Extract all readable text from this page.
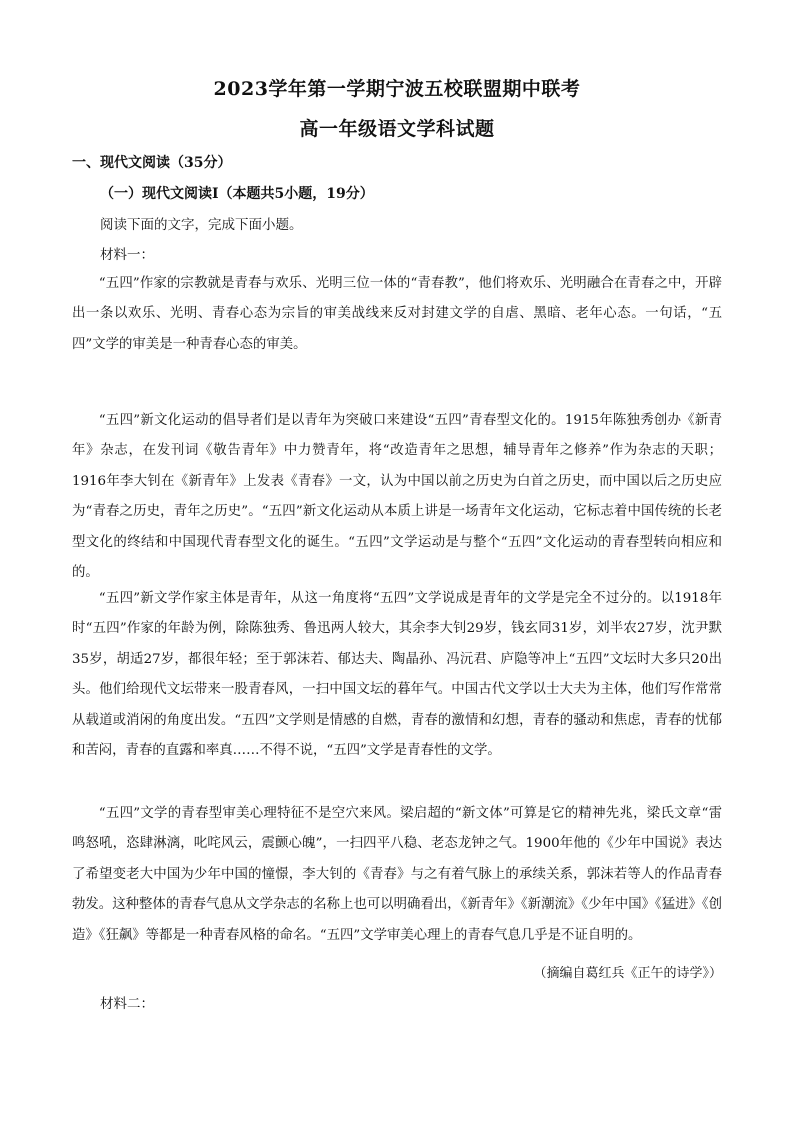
2023学年第一学期宁波五校联盟期中联考
高一年级语文学科试题
一、现代文阅读（35分）
（一）现代文阅读Ⅰ（本题共5小题，19分）
阅读下面的文字，完成下面小题。
材料一：

“五四”作家的宗教就是青春与欢乐、光明三位一体的“青春教”，他们将欢乐、光明融合在青春之中，开辟出一条以欢乐、光明、青春心态为宗旨的审美战线来反对封建文学的自虐、黑暗、老年心态。一句话，“五四”文学的审美是一种青春心态的审美。

“五四”新文化运动的倡导者们是以青年为突破口来建设“五四”青春型文化的。1915年陈独秀创办《新青年》杂志，在发刊词《敬告青年》中力赞青年，将“改造青年之思想，辅导青年之修养”作为杂志的天职；1916年李大钊在《新青年》上发表《青春》一文，认为中国以前之历史为白首之历史，而中国以后之历史应为“青春之历史，青年之历史”。“五四”新文化运动从本质上讲是一场青年文化运动，它标志着中国传统的长老型文化的终结和中国现代青春型文化的诞生。“五四”文学运动是与整个“五四”文化运动的青春型转向相应和的。

“五四”新文学作家主体是青年，从这一角度将“五四”文学说成是青年的文学是完全不过分的。以1918年时“五四”作家的年龄为例，除陈独秀、鲁迅两人较大，其余李大钊29岁，钱玄同31岁，刘半农27岁，沈尹默35岁，胡适27岁，都很年轻；至于郭沫若、郁达夫、陶晶孙、冯沅君、庐隐等冲上“五四”文坛时大多只20出头。他们给现代文坛带来一股青春风，一扫中国文坛的暮年气。中国古代文学以士大夫为主体，他们写作常常从载道或消闲的角度出发。“五四”文学则是情感的自燃，青春的激情和幻想，青春的骚动和焦虑，青春的忧郁和苦闷，青春的直露和率真……不得不说，“五四”文学是青春性的文学。

“五四”文学的青春型审美心理特征不是空穴来风。梁启超的“新文体”可算是它的精神先兆，梁氏文章“雷鸣怒吼，恣肆淋漓，叱咤风云，震颤心魄”，一扫四平八稳、老态龙钟之气。1900年他的《少年中国说》表达了希望变老大中国为少年中国的憧憬，李大钊的《青春》与之有着气脉上的承续关系，郭沫若等人的作品青春勃发。这种整体的青春气息从文学杂志的名称上也可以明确看出，《新青年》《新潮流》《少年中国》《猛进》《创造》《狂飙》等都是一种青春风格的命名。“五四”文学审美心理上的青春气息几乎是不证自明的。

（摘编自葛红兵《正午的诗学》）
材料二：
